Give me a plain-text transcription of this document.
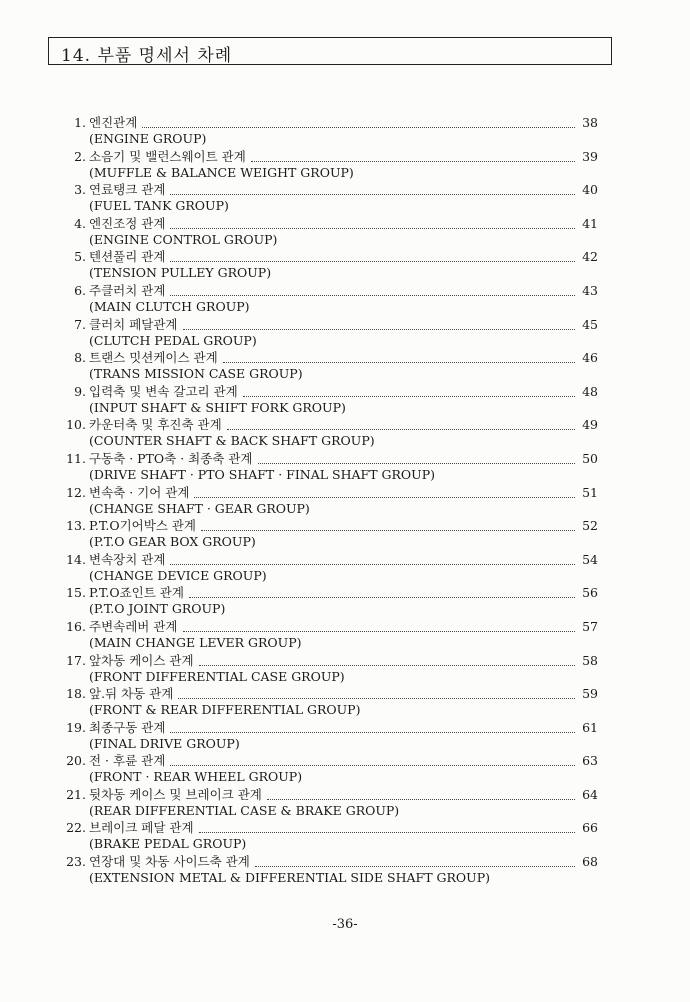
14. 부품 명세서 차례
1. 엔진관계	38
(ENGINE GROUP)
2. 소음기 및 밸런스웨이트 관계	39
(MUFFLE & BALANCE WEIGHT GROUP)
3. 연료탱크 관계	40
(FUEL TANK GROUP)
4. 엔진조정 관계	41
(ENGINE CONTROL GROUP)
5. 텐션풀리 관계	42
(TENSION PULLEY GROUP)
6. 주클러치 관계	43
(MAIN CLUTCH GROUP)
7. 클러치 페달관계	45
(CLUTCH PEDAL GROUP)
8. 트랜스 밋션케이스 관계	46
(TRANS MISSION CASE GROUP)
9. 입력축 및 변속 갈고리 관계	48
(INPUT SHAFT & SHIFT FORK GROUP)
10. 카운터축 및 후진축 관계	49
(COUNTER SHAFT & BACK SHAFT GROUP)
11. 구동축 · PTO축 · 최종축 관계	50
(DRIVE SHAFT · PTO SHAFT · FINAL SHAFT GROUP)
12. 변속축 · 기어 관계	51
(CHANGE SHAFT · GEAR GROUP)
13. P.T.O기어박스 관계	52
(P.T.O GEAR BOX GROUP)
14. 변속장치 관계	54
(CHANGE DEVICE GROUP)
15. P.T.O죠인트 관계	56
(P.T.O JOINT GROUP)
16. 주변속레버 관계	57
(MAIN CHANGE LEVER GROUP)
17. 앞차동 케이스 관계	58
(FRONT DIFFERENTIAL CASE GROUP)
18. 앞.뒤 차동 관계	59
(FRONT & REAR DIFFERENTIAL GROUP)
19. 최종구동 관계	61
(FINAL DRIVE GROUP)
20. 전 · 후륜 관계	63
(FRONT · REAR WHEEL GROUP)
21. 뒷차동 케이스 및 브레이크 관계	64
(REAR DIFFERENTIAL CASE & BRAKE GROUP)
22. 브레이크 페달 관계	66
(BRAKE PEDAL GROUP)
23. 연장대 및 차동 사이드축 관계	68
(EXTENSION METAL & DIFFERENTIAL SIDE SHAFT GROUP)
-36-
